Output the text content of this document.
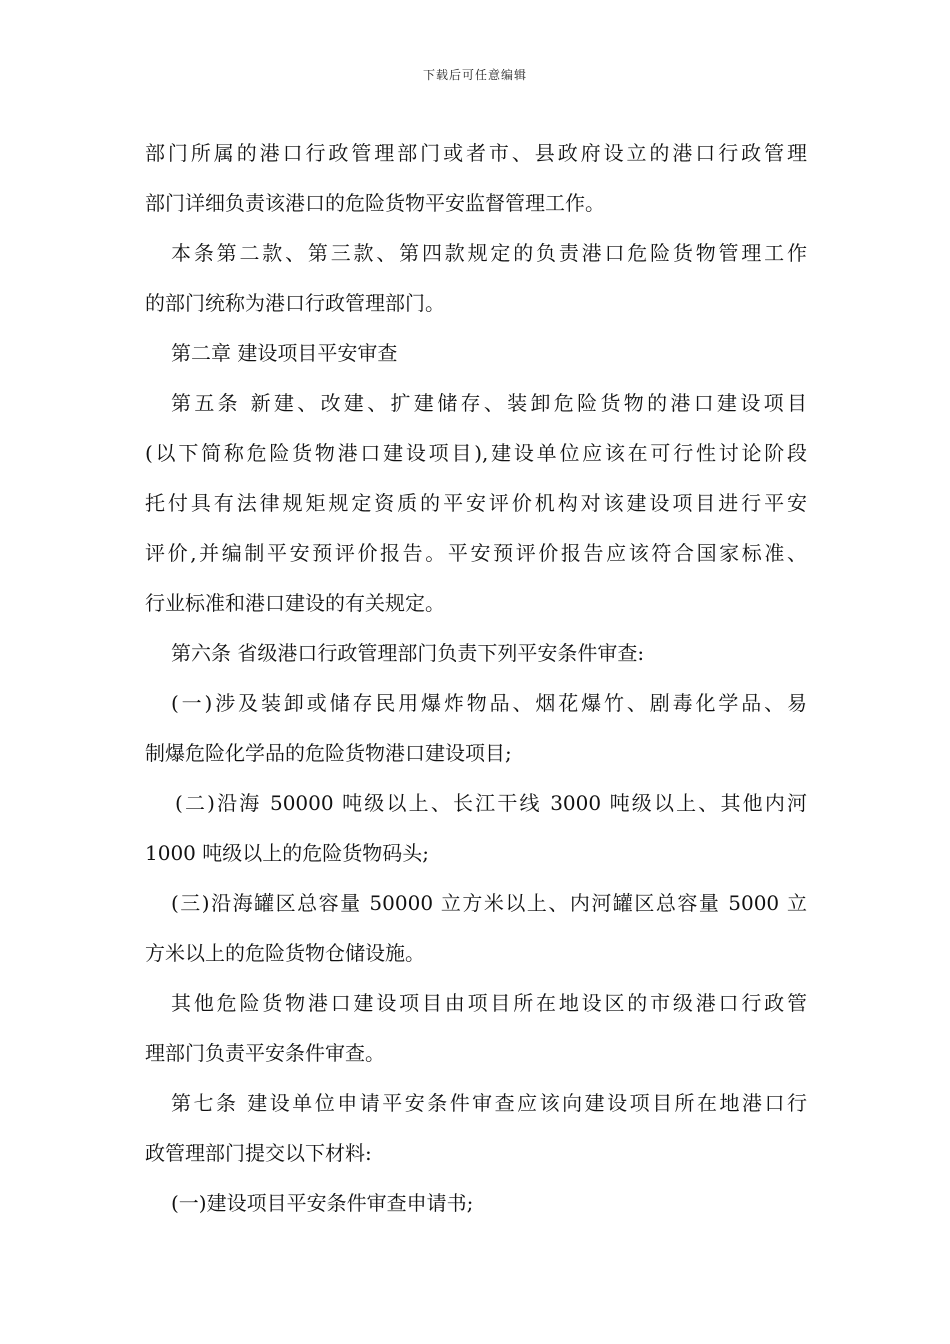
下载后可任意编辑
部门所属的港口行政管理部门或者市、县政府设立的港口行政管理
部门详细负责该港口的危险货物平安监督管理工作。
本条第二款、第三款、第四款规定的负责港口危险货物管理工作
的部门统称为港口行政管理部门。
第二章 建设项目平安审查
第五条 新建、改建、扩建储存、装卸危险货物的港口建设项目
(以下简称危险货物港口建设项目),建设单位应该在可行性讨论阶段
托付具有法律规矩规定资质的平安评价机构对该建设项目进行平安
评价,并编制平安预评价报告。平安预评价报告应该符合国家标准、
行业标准和港口建设的有关规定。
第六条 省级港口行政管理部门负责下列平安条件审查:
(一)涉及装卸或储存民用爆炸物品、烟花爆竹、剧毒化学品、易
制爆危险化学品的危险货物港口建设项目;
(二)沿海 50000 吨级以上、长江干线 3000 吨级以上、其他内河
1000 吨级以上的危险货物码头;
(三)沿海罐区总容量 50000 立方米以上、内河罐区总容量 5000 立
方米以上的危险货物仓储设施。
其他危险货物港口建设项目由项目所在地设区的市级港口行政管
理部门负责平安条件审查。
第七条 建设单位申请平安条件审查应该向建设项目所在地港口行
政管理部门提交以下材料:
(一)建设项目平安条件审查申请书;
